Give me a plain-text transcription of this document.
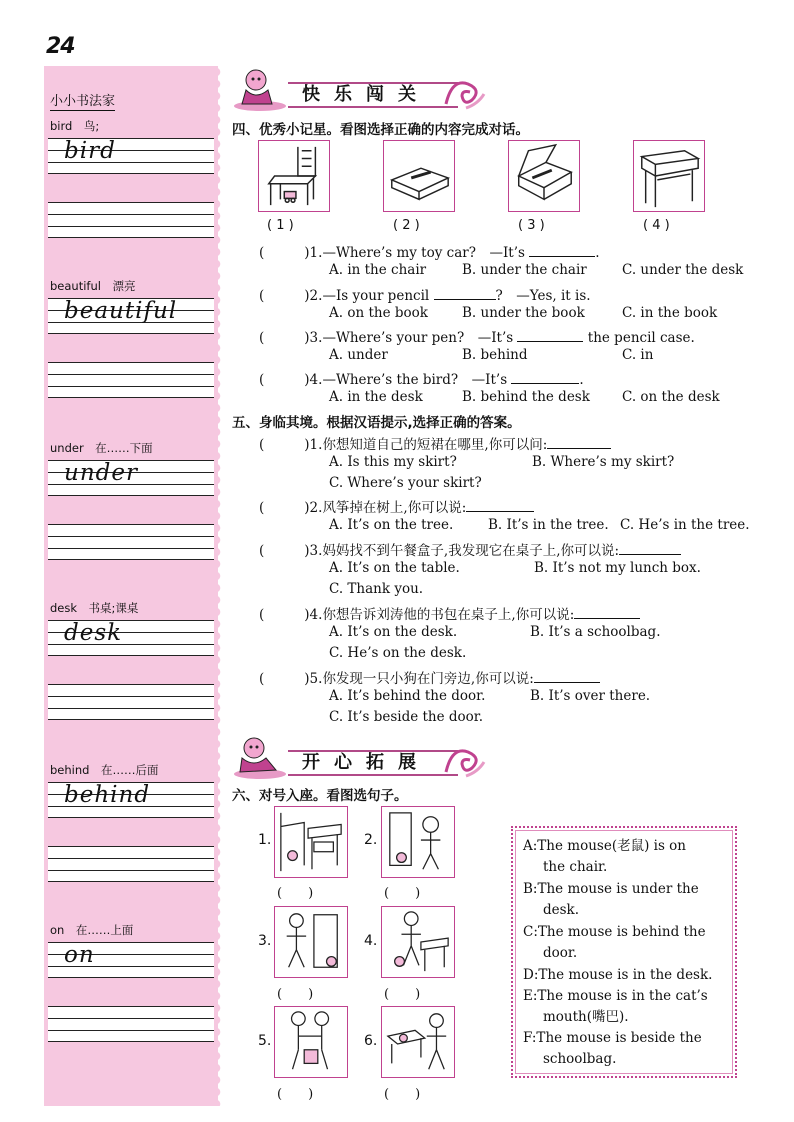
24
小小书法家
bird　鸟;
bird
beautiful　漂亮
beautiful
under　在……下面
under
desk　书桌;课桌
desk
behind　在……后面
behind
on　在……上面
on
快乐闯关
四、优秀小记星。看图选择正确的内容完成对话。
( 1 )	( 2 )	( 3 )	( 4 )
(	)1.—Where’s my toy car?　—It’s	.
A. in the chair	B. under the chair	C. under the desk
(	)2.—Is your pencil	?　—Yes, it is.
A. on the book	B. under the book	C. in the book
(	)3.—Where’s your pen?　—It’s	the pencil case.
A. under	B. behind	C. in
(	)4.—Where’s the bird?　—It’s	.
A. in the desk	B. behind the desk C. on the desk
五、身临其境。根据汉语提示,选择正确的答案。
(	)1.你想知道自己的短裙在哪里,你可以问:
A. Is this my skirt?	B. Where’s my skirt?
C. Where’s your skirt?
(	)2.风筝掉在树上,你可以说:
A. It’s on the tree.	B. It’s in the tree. C. He’s in the tree.
(	)3.妈妈找不到午餐盒子,我发现它在桌子上,你可以说:
A. It’s on the table.	B. It’s not my lunch box.
C. Thank you.
(	)4.你想告诉刘涛他的书包在桌子上,你可以说:
A. It’s on the desk.	B. It’s a schoolbag.
C. He’s on the desk.
(	)5.你发现一只小狗在门旁边,你可以说:
A. It’s behind the door.	B. It’s over there.
C. It’s beside the door.
开心拓展
六、对号入座。看图选句子。
1.	2.
(　　)	(　　)
3.	4.
(　　)	(　　)
5.	6.
(　　)	(　　)
A:The mouse(老鼠) is on
the chair.
B:The mouse is under the
desk.
C:The mouse is behind the
door.
D:The mouse is in the desk.
E:The mouse is in the cat’s
mouth(嘴巴).
F:The mouse is beside the
schoolbag.
